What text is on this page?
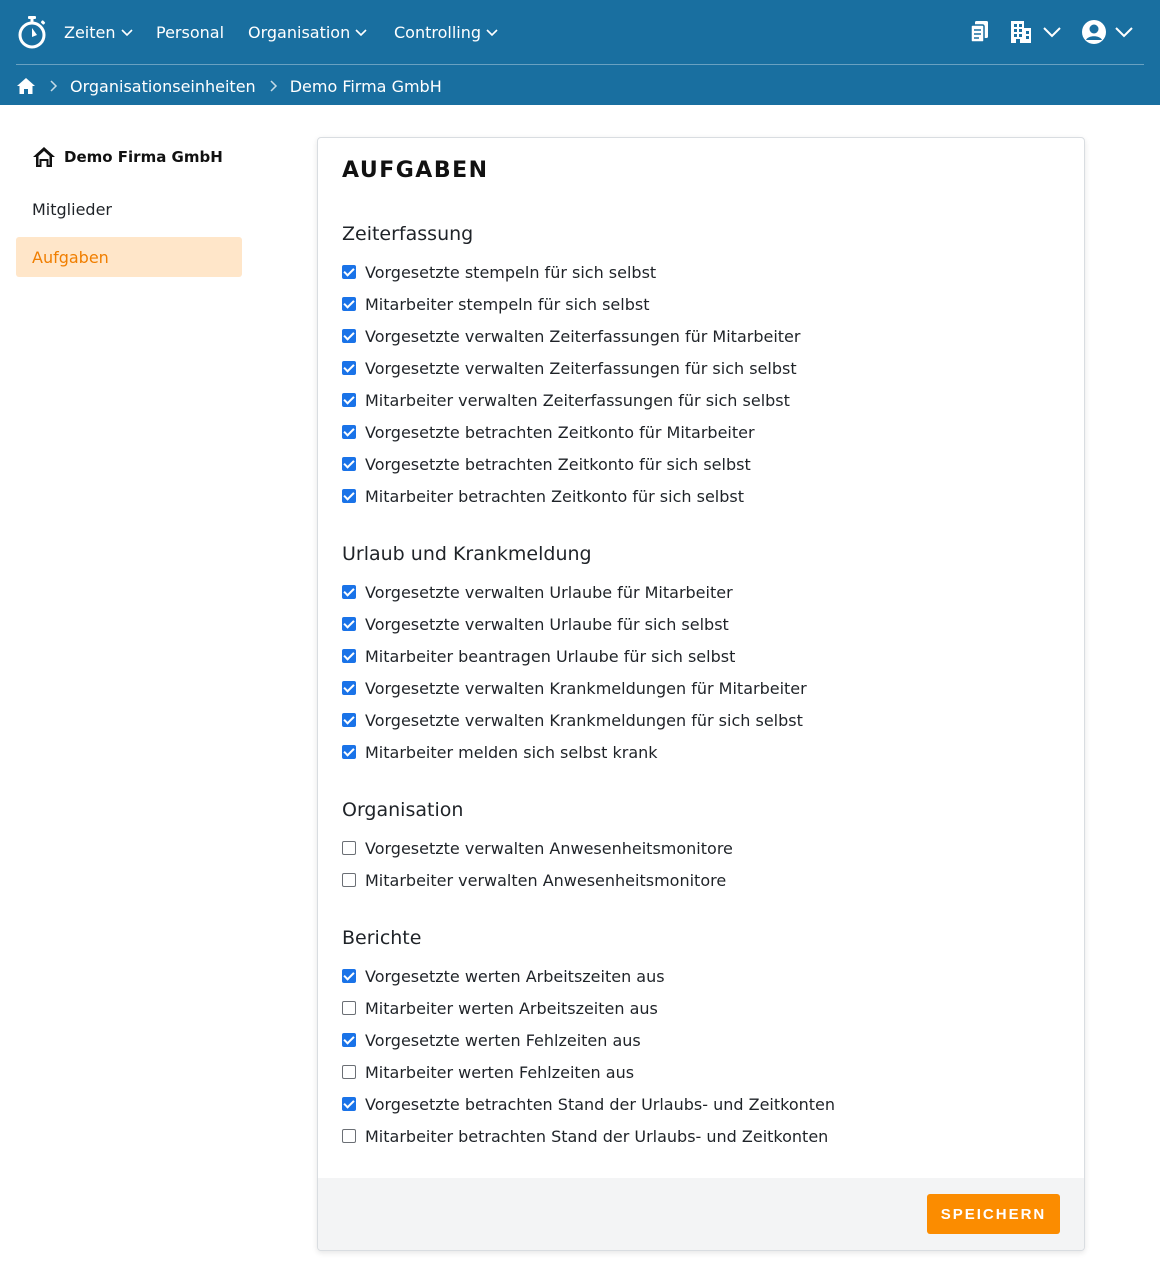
Zeiten	Personal Organisation	Controlling
Organisationseinheiten Demo Firma GmbH
Demo Firma GmbH
Mitglieder
Aufgaben
AUFGABEN
Zeiterfassung
Vorgesetzte stempeln für sich selbst
Mitarbeiter stempeln für sich selbst
Vorgesetzte verwalten Zeiterfassungen für Mitarbeiter
Vorgesetzte verwalten Zeiterfassungen für sich selbst
Mitarbeiter verwalten Zeiterfassungen für sich selbst
Vorgesetzte betrachten Zeitkonto für Mitarbeiter
Vorgesetzte betrachten Zeitkonto für sich selbst
Mitarbeiter betrachten Zeitkonto für sich selbst
Urlaub und Krankmeldung
Vorgesetzte verwalten Urlaube für Mitarbeiter
Vorgesetzte verwalten Urlaube für sich selbst
Mitarbeiter beantragen Urlaube für sich selbst
Vorgesetzte verwalten Krankmeldungen für Mitarbeiter
Vorgesetzte verwalten Krankmeldungen für sich selbst
Mitarbeiter melden sich selbst krank
Organisation
Vorgesetzte verwalten Anwesenheitsmonitore
Mitarbeiter verwalten Anwesenheitsmonitore
Berichte
Vorgesetzte werten Arbeitszeiten aus
Mitarbeiter werten Arbeitszeiten aus
Vorgesetzte werten Fehlzeiten aus
Mitarbeiter werten Fehlzeiten aus
Vorgesetzte betrachten Stand der Urlaubs- und Zeitkonten
Mitarbeiter betrachten Stand der Urlaubs- und Zeitkonten
SPEICHERN
